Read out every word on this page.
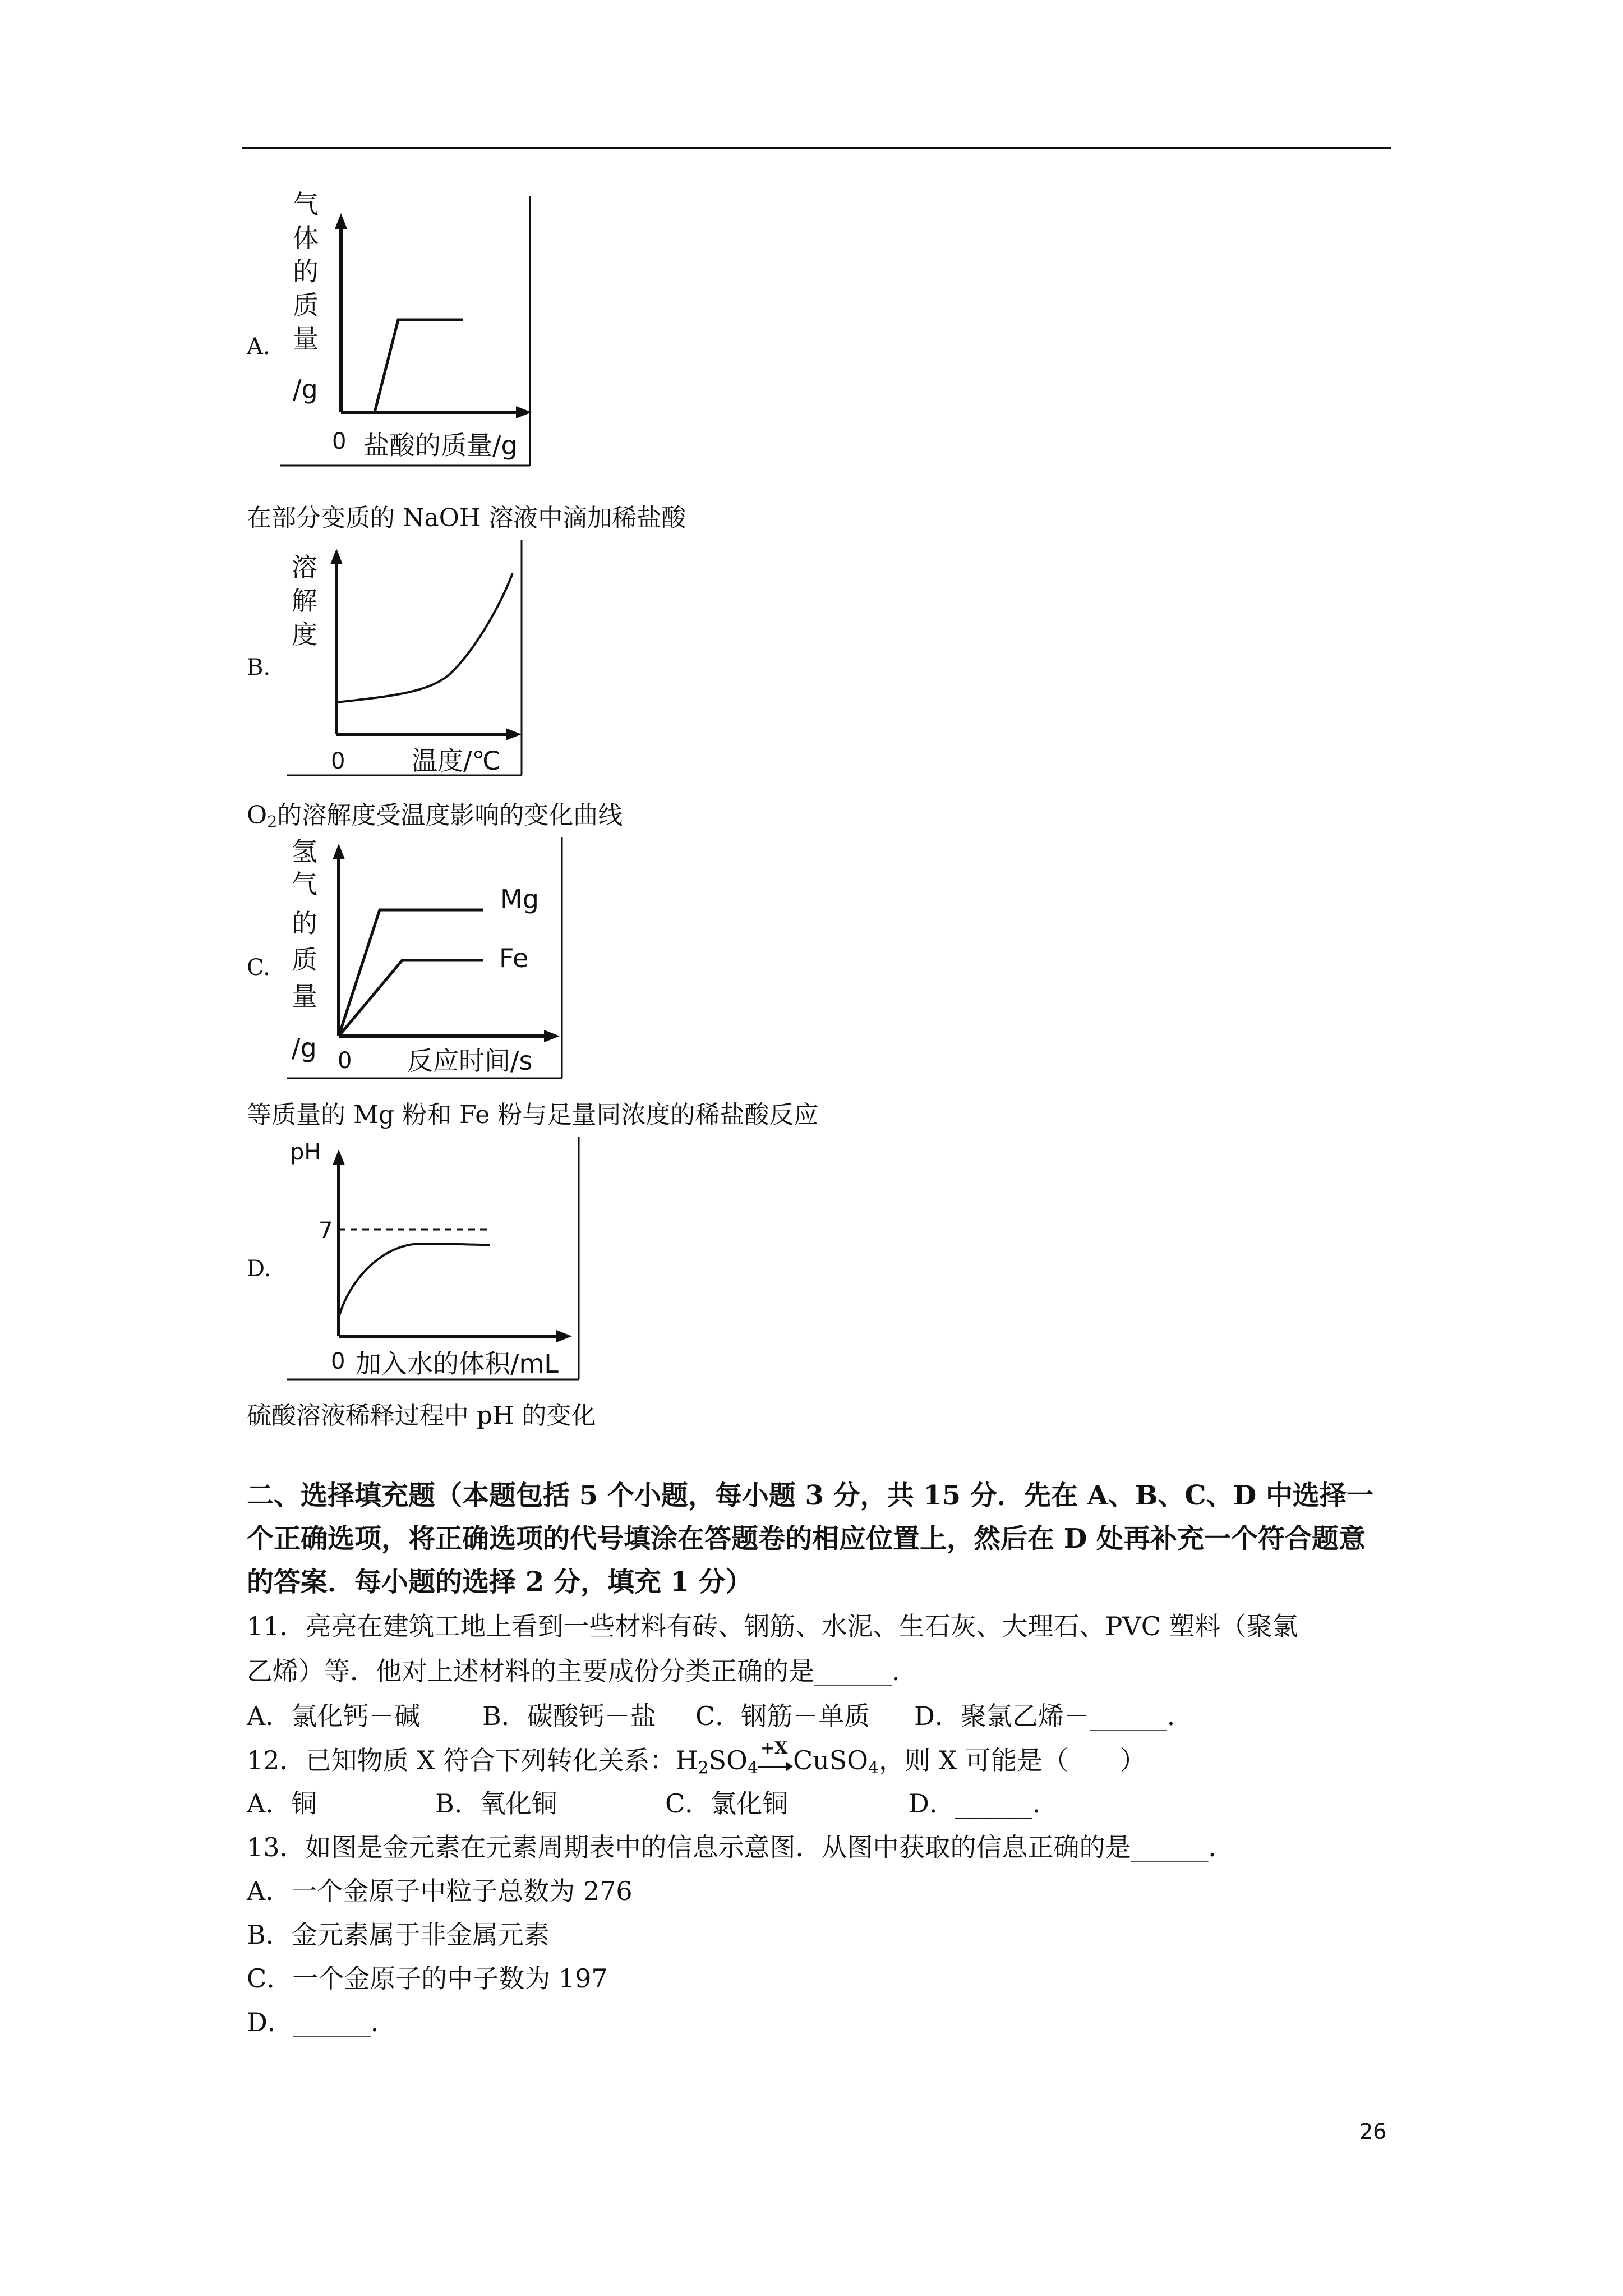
A.
气
体
的
质
量
/g
0 盐酸的质量/g
在部分变质的 NaOH 溶液中滴加稀盐酸
B.
溶
解
度
0	温度/℃
$O_2$的溶解度受温度影响的变化曲线
C.
Mg
Fe
氢
气
的
质
量
/g 0 反应时间/s
等质量的 Mg 粉和 Fe 粉与足量同浓度的稀盐酸反应
D.
7
pH
0 加入水的体积/mL
硫酸溶液稀释过程中 pH 的变化
二、选择填充题（本题包括 5 个小题，每小题 3 分，共 15 分．先在 A、B、C、D 中选择一个正确选项，将正确选项的代号填涂在答题卷的相应位置上，然后在 D 处再补充一个符合题意的答案．每小题的选择 2 分，填充 1 分）
11．亮亮在建筑工地上看到一些材料有砖、钢筋、水泥、生石灰、大理石、PVC 塑料（聚氯
乙烯）等．他对上述材料的主要成份分类正确的是______．
A．氯化钙－碱 B．碳酸钙－盐 C．钢筋－单质 D．聚氯乙烯－______．
12．已知物质 X 符合下列转化关系：$H_2SO_4$
+X CuSO$_4$，则 X 可能是（　　）
A．铜	B．氧化铜	C．氯化铜	D．______．
13．如图是金元素在元素周期表中的信息示意图．从图中获取的信息正确的是______．
A．一个金原子中粒子总数为 276
B．金元素属于非金属元素
C．一个金原子的中子数为 197
D．______．
26
